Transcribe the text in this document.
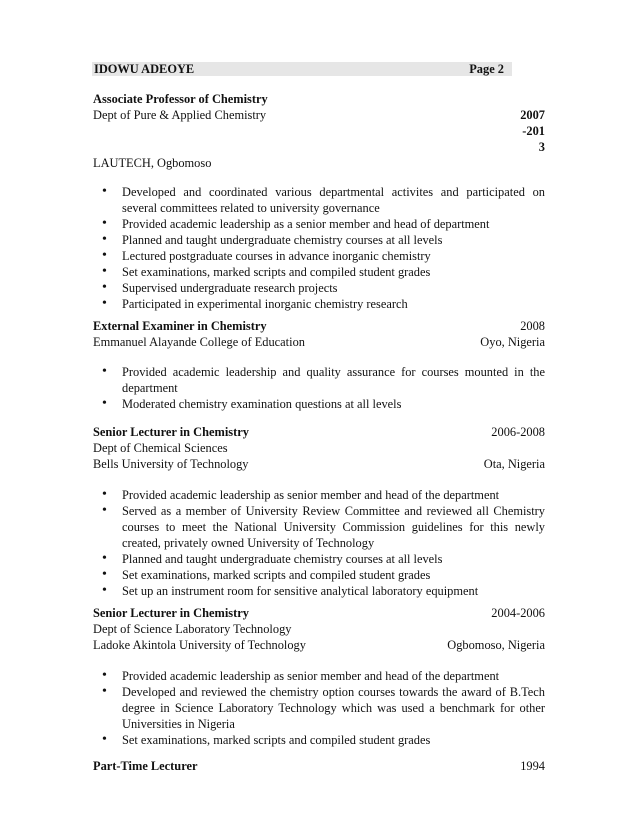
IDOWU ADEOYE	Page 2
Associate Professor of Chemistry
Dept of Pure & Applied Chemistry	2007
-201
3
LAUTECH, Ogbomoso
• Developed and coordinated various departmental activites and participated on several committees related to university governance
• Provided academic leadership as a senior member and head of department
• Planned and taught undergraduate chemistry courses at all levels
• Lectured postgraduate courses in advance inorganic chemistry
• Set examinations, marked scripts and compiled student grades
• Supervised undergraduate research projects
• Participated in experimental inorganic chemistry research
External Examiner in Chemistry	2008
Emmanuel Alayande College of Education	Oyo, Nigeria
• Provided academic leadership and quality assurance for courses mounted in the department
• Moderated chemistry examination questions at all levels
Senior Lecturer in Chemistry	2006-2008
Dept of Chemical Sciences
Bells University of Technology	Ota, Nigeria
• Provided academic leadership as senior member and head of the department
• Served as a member of University Review Committee and reviewed all Chemistry courses to meet the National University Commission guidelines for this newly created, privately owned University of Technology
• Planned and taught undergraduate chemistry courses at all levels
• Set examinations, marked scripts and compiled student grades
• Set up an instrument room for sensitive analytical laboratory equipment
Senior Lecturer in Chemistry	2004-2006
Dept of Science Laboratory Technology
Ladoke Akintola University of Technology	Ogbomoso, Nigeria
• Provided academic leadership as senior member and head of the department
• Developed and reviewed the chemistry option courses towards the award of B.Tech degree in Science Laboratory Technology which was used a benchmark for other Universities in Nigeria
• Set examinations, marked scripts and compiled student grades
Part-Time Lecturer	1994
